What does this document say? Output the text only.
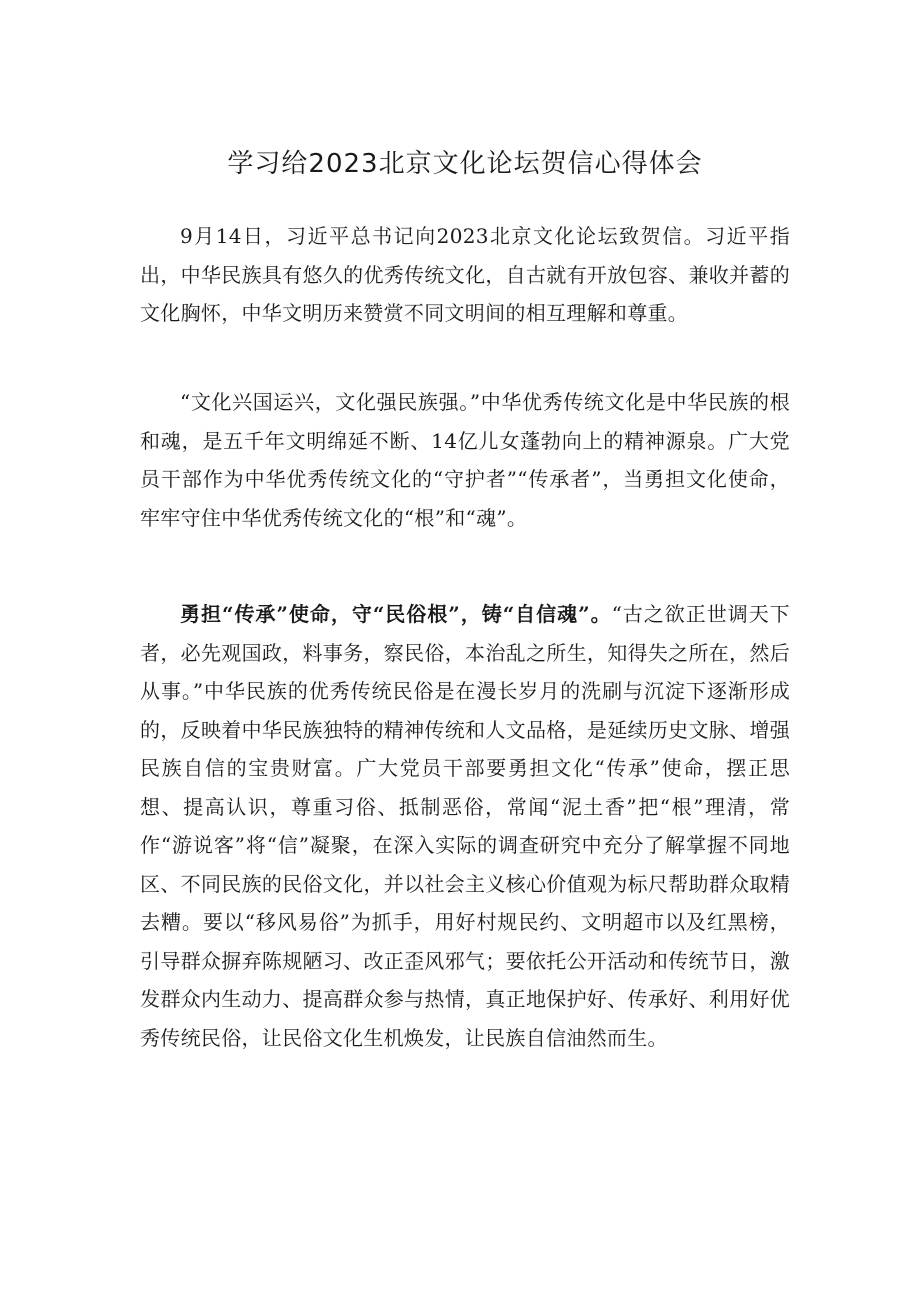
学习给2023北京文化论坛贺信心得体会

9月14日，习近平总书记向2023北京文化论坛致贺信。习近平指出，中华民族具有悠久的优秀传统文化，自古就有开放包容、兼收并蓄的文化胸怀，中华文明历来赞赏不同文明间的相互理解和尊重。

“文化兴国运兴，文化强民族强。”中华优秀传统文化是中华民族的根和魂，是五千年文明绵延不断、14亿儿女蓬勃向上的精神源泉。广大党员干部作为中华优秀传统文化的“守护者”“传承者”，当勇担文化使命，牢牢守住中华优秀传统文化的“根”和“魂”。

勇担“传承”使命，守“民俗根”，铸“自信魂”。“古之欲正世调天下者，必先观国政，料事务，察民俗，本治乱之所生，知得失之所在，然后从事。”中华民族的优秀传统民俗是在漫长岁月的洗刷与沉淀下逐渐形成的，反映着中华民族独特的精神传统和人文品格，是延续历史文脉、增强民族自信的宝贵财富。广大党员干部要勇担文化“传承”使命，摆正思想、提高认识，尊重习俗、抵制恶俗，常闻“泥土香”把“根”理清，常作“游说客”将“信”凝聚，在深入实际的调查研究中充分了解掌握不同地区、不同民族的民俗文化，并以社会主义核心价值观为标尺帮助群众取精去糟。要以“移风易俗”为抓手，用好村规民约、文明超市以及红黑榜，引导群众摒弃陈规陋习、改正歪风邪气；要依托公开活动和传统节日，激发群众内生动力、提高群众参与热情，真正地保护好、传承好、利用好优秀传统民俗，让民俗文化生机焕发，让民族自信油然而生。
